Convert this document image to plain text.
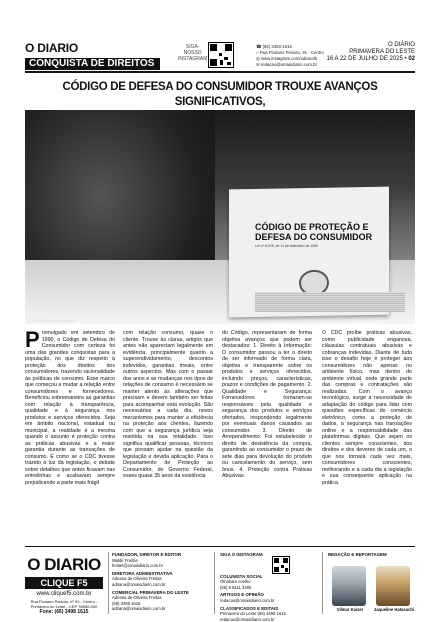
O DIARIO
CONQUISTA DE DIREITOS
SIGA-
NOSSO
INSTAGRAM
☎ (86) 3460-1615
⌂ Rua Floriano Peixoto, 91 - Centro
◎ www.instagram.com/odiariof5
✉ redacao@omaisdiario.com.br
O DIÁRIO
PRIMAVERA DO LESTE
16 A 22 DE JULHO DE 2025 • 02
CÓDIGO DE DEFESA DO CONSUMIDOR TROUXE AVANÇOS SIGNIFICATIVOS,
CÓDIGO DE PROTEÇÃO E DEFESA DO CONSUMIDOR
Lei nº 8.078, de 11 de setembro de 1990
CLAF | FolhaSocial Images

Promulgado em setembro de 1990, o Código de Defesa do Consumidor com certeza foi uma das grandes conquistas para a população, no que diz respeito à proteção dos direitos dos consumidores, trazendo racionalidade às políticas de consumo. Esse marco que começou a mudar a relação entre consumidores e fornecedores. Beneficiou sobremaneira as garantias com relação à transparência, qualidade e à segurança nos produtos e serviços oferecidos. Seja em âmbito nacional, estadual ou municipal, a realidade é a mesma quando o assunto é proteção contra as práticas abusivas e a maior garantia durante as transações de consumo. É como se o CDC tivesse trazido à luz da legislação, o debate sobre detalhes que antes ficavam nas entrelinhas e acabavam sempre prejudicando a parte mais frágil

com relação consumo, quase o cliente. Trouxe às claras, artigos que antes não apareciam legalmente em evidência, principalmente quanto a superendividamento, descontos indevidos, garantias irreais, entre outros aspectos. Mas com o passar dos anos e as mudanças nos tipos de relações de consumo é necessário se manter atento às alterações que precisam e devem também ser feitas para acompanhar esta evolução. São necessários a cada dia, novos mecanismos para manter a eficiência na proteção aos clientes, fazendo com que a segurança jurídica seja mantida na sua totalidade. Isso significa qualificar pessoas, técnicos que possam ajudar na questão da legislação e devida aplicação. Para o Departamento de Proteção ao Consumidor, do Governo Federal, esses quase 35 anos da existência

do Código, representaram de forma objetiva avanços que podem ser destacados: 1. Direito à Informação: O consumidor passou a ter o direito de ser informado de forma clara, objetiva e transparente sobre os produtos e serviços oferecidos, incluindo preços, características, prazos e condições de pagamento. 2. Qualidade e Segurança: Fornecedores tornaram-se responsáveis pela qualidade e segurança dos produtos e serviços ofertados, respondendo legalmente por eventuais danos causados ao consumidor. 3. Direito de Arrependimento: Foi estabelecido o direito de desistência da compra, garantindo ao consumidor o prazo de sete dias para devolução do produto ou cancelamento do serviço, sem ônus. 4. Proteção contra Práticas Abusivas:

O CDC proíbe práticas abusivas, como publicidade enganosa, cláusulas contratuais abusivas e cobranças indevidas. Diante de tudo isso o desafio hoje é proteger aos consumidores não apenas no ambiente físico, mas dentro do ambiente virtual, onde grande parte das compras e contratações são realizadas. Com o avanço tecnológico, surge a necessidade de adaptação do código para lidar com questões específicas do comércio eletrônico, como a proteção de dados, a segurança nas transações online e a responsabilidade das plataformas digitais. Que sejam os clientes sempre conscientes, dos direitos e dos deveres de cada um, o que nos tornará cada vez mais, consumidores conscientes, melhorando e a cada dia a legislação e sua consequente aplicação na prática.

O DIARIO
CLIQUE F5
www.cliquef5.com.br
Rua Floriano Peixoto, nº 91 - Centro - Primavera do Leste - CEP 78850-000
Fone: (66) 3498 1615
FUNDADOR, DIRETOR E EDITOR
Waldir Freitas
freitas@omaisdiario.com.br
DIRETORA ADMINISTRATIVA
Adriana de Oliveira Freitas
adriana@omaisdiario.com.br
COMERCIAL PRIMAVERA DO LESTE
Adriana de Oliveira Freitas
(66) 3498 1615
adriana@omaisdiario.com.br
SIGA O INSTAGRAM
COLUNISTA SOCIAL
Olhatiara coelho
(66) 9 8111 3390
ARTIGOS E OPINIÃO
redacao@omaisdiario.com.br
CLASSIFICADOS E EDITAIS
Primavera do Leste (66) 3498 1615
redacao@omaisdiario.com.br
REDAÇÃO E REPORTAGEM
Vilmar Kaizer	Jaqueline Hatasachi
